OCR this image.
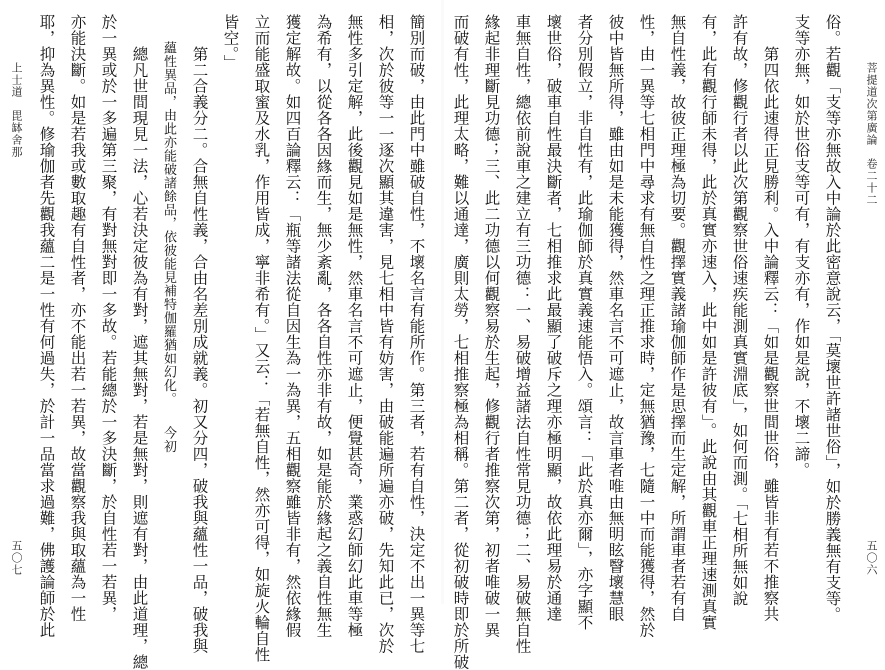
菩提道次第廣論　卷二十二
五〇六
上士道　毘缽舍那
五〇七	俗。若觀「支等亦無故入中論於此密意說云，「莫壞世許諸世俗」，如於勝義無有支等。
支等亦無，如於世俗支等可有，有支亦有，作如是說，不壞二諦。
　　第四依此速得正見勝利。入中論釋云：「如是觀察世間世俗，雖皆非有若不推察共
許有故，修觀行者以此次第觀察世俗速疾能測真實淵底」，如何而測。「七相所無如說
有，此有觀行師未得，此於真實亦速入，此中如是許彼有」。此說由其觀車正理速測真實
無自性義，故彼正理極為切要。觀擇實義諸瑜伽師作是思擇而生定解，所謂車者若有自
性，由一異等七相門中尋求有無自性之理正推求時，定無猶豫，七隨一中而能獲得，然於
彼中皆無所得，雖由如是未能獲得，然車名言不可遮止，故言車者唯由無明眩瞖壞慧眼
者分別假立，非自性有，此瑜伽師於真實義速能悟入。頌言：「此於真亦爾」，亦字顯不
壞世俗，破車自性最決斷者，七相推求此最顯了破斥之理亦極明顯，故依此理易於通達
車無自性，總依前說車之建立有三功德：一、易破增益諸法自性常見功德；二、易破無自性
緣起非理斷見功德；三、此二功德以何觀察易於生起，修觀行者推察次第，初者唯破一異
而破有性，此理太略，難以通達，廣則太勞，七相推察極為相稱。第二者，從初破時即於所破
簡別而破，由此門中雖破自性，不壞名言有能所作。第三者，若有自性，決定不出一異等七
相，次於彼等一一逐次顯其違害，見七相中皆有妨害，由破能遍所遍亦破，先知此已，次於
無性多引定解，此後觀見如是無性，然車名言不可遮止，便覺甚奇，業惑幻師幻此車等極
為希有，以從各各因緣而生，無少紊亂，各各自性亦非有故，如是能於緣起之義自性無生
獲定解故。如四百論釋云：「瓶等諸法從自因生為一為異，五相觀察雖皆非有，然依緣假
立而能盛取蜜及水乳，作用皆成，寧非希有。」又云：「若無自性，然亦可得，如旋火輪自性
皆空。」
　　第二合義分二。合無自性義，合由名差別成就義。初又分四，破我與蘊性一品，破我與
　　蘊性異品，由此亦能破諸餘品，依彼能見補特伽羅猶如幻化。　　今初
　　總凡世間現見一法，心若決定彼為有對，遮其無對，若是無對，則遮有對，由此道理，總
於一異或於一多遍第三聚，有對無對即一多故。若能總於一多決斷，於自性若一若異，
亦能決斷。如是若我或數取趣有自性者，亦不能出若一若異，故當觀察我與取蘊為一性
耶，抑為異性。修瑜伽者先觀我蘊二是一性有何過失，於計一品當求過難，佛護論師於此
